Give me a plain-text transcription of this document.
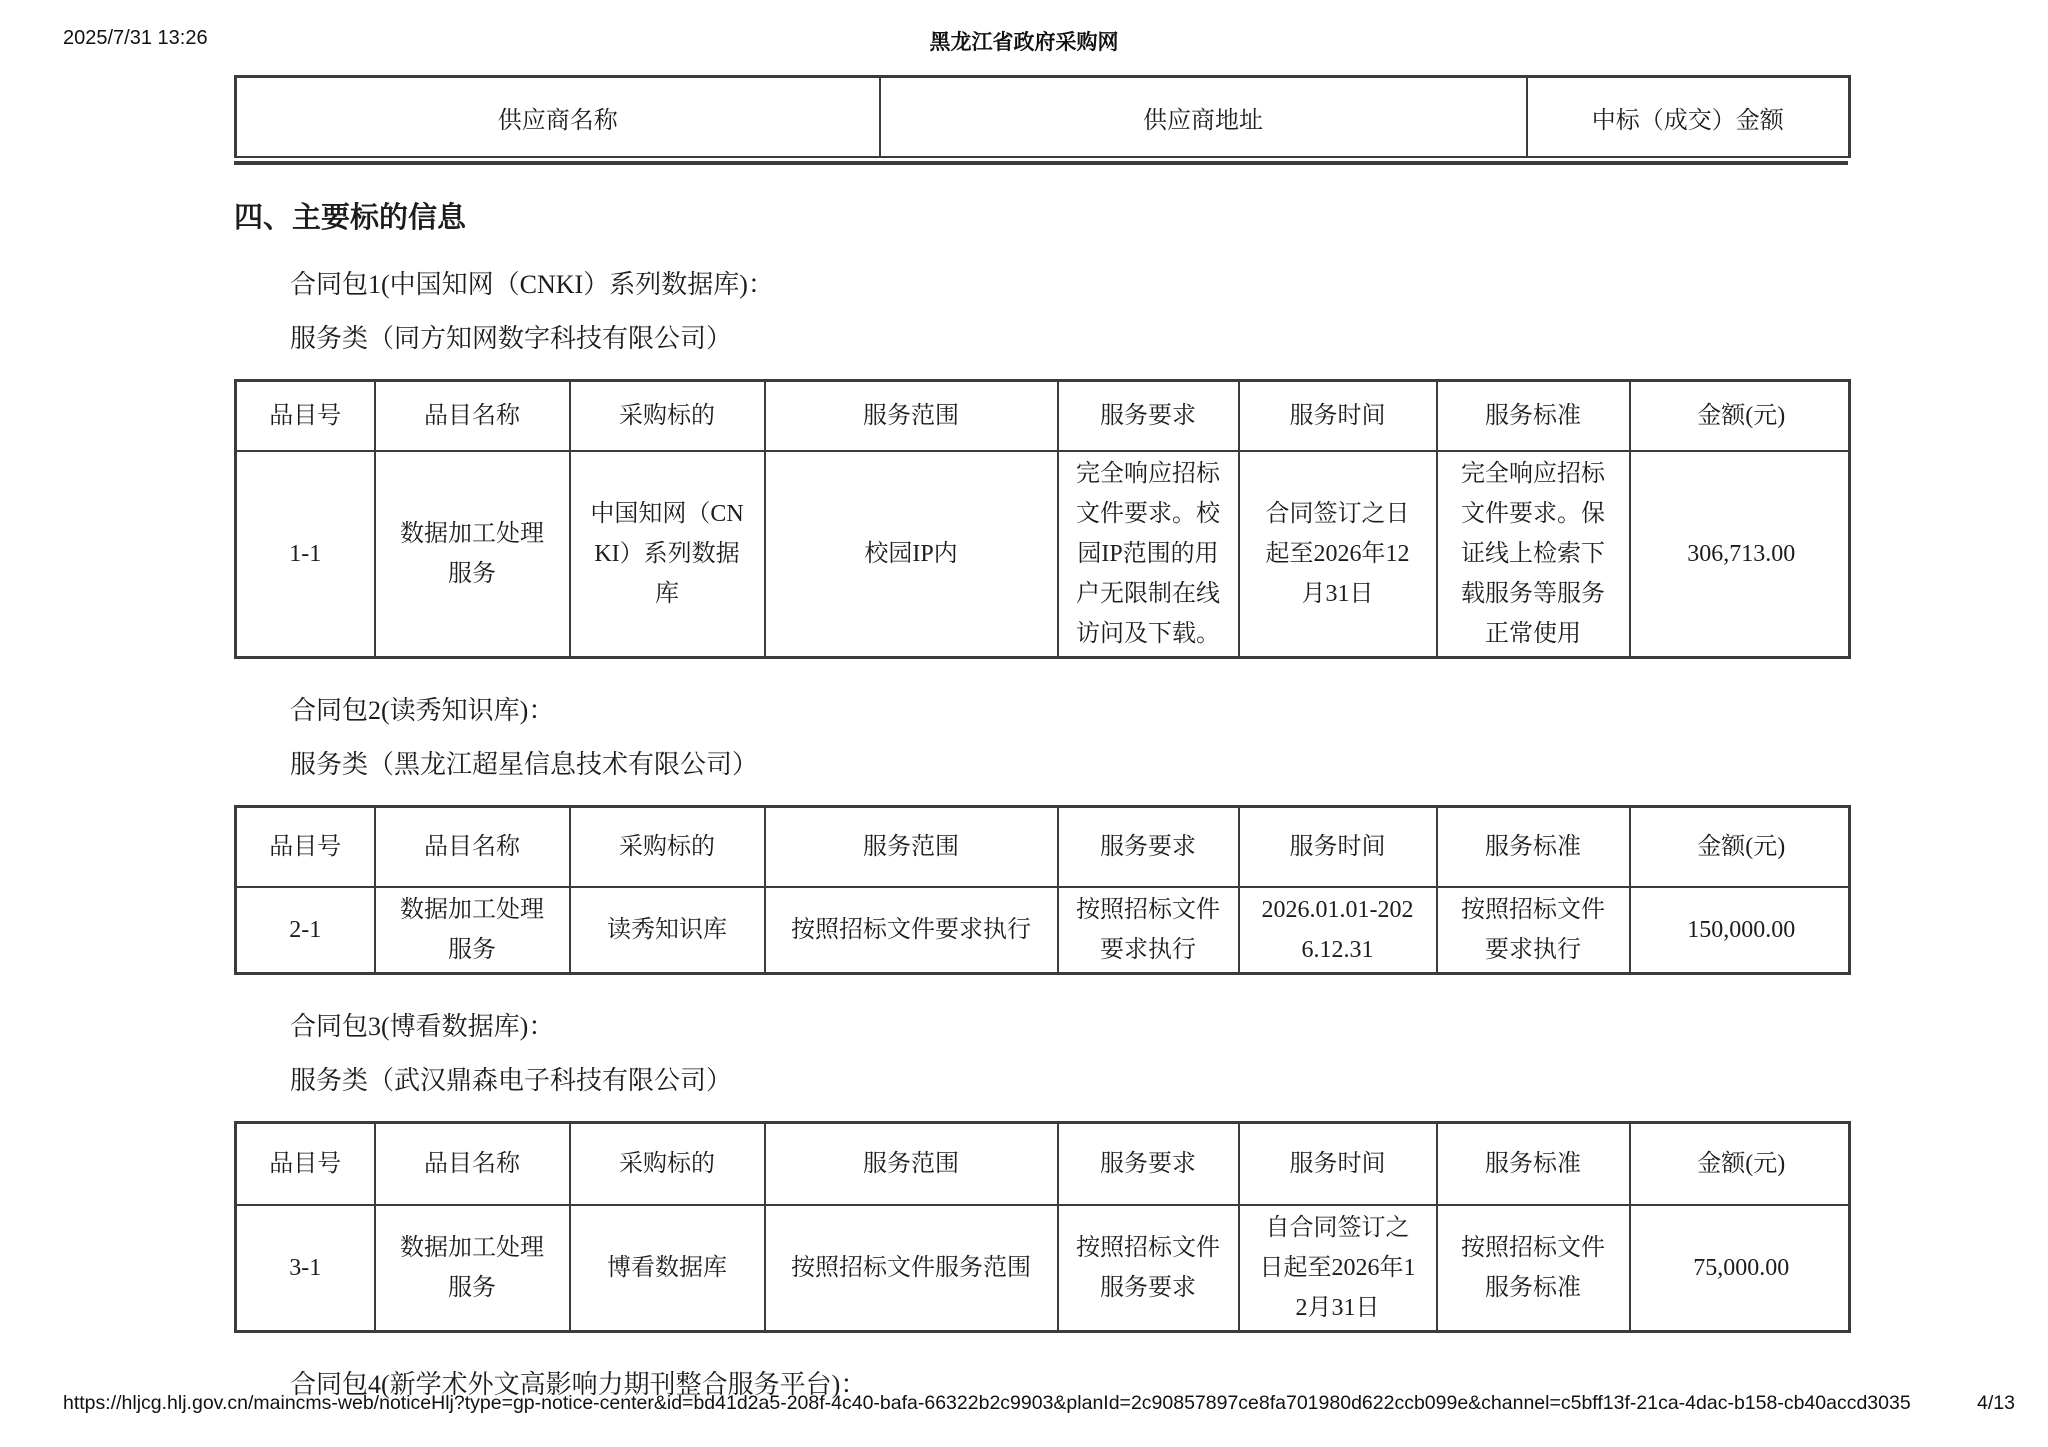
2025/7/31 13:26	黑龙江省政府采购网
供应商名称	供应商地址	中标（成交）金额
四、主要标的信息
合同包1(中国知网（CNKI）系列数据库)：
服务类（同方知网数字科技有限公司）
品目号	品目名称	采购标的	服务范围	服务要求	服务时间	服务标准	金额(元)
1-1	数据加工处理服务	中国知网（CNKI）系列数据库	校园IP内	完全响应招标文件要求。校园IP范围的用户无限制在线访问及下载。	合同签订之日起至2026年12月31日	完全响应招标文件要求。保证线上检索下载服务等服务正常使用	306,713.00
合同包2(读秀知识库)：
服务类（黑龙江超星信息技术有限公司）
品目号	品目名称	采购标的	服务范围	服务要求	服务时间	服务标准	金额(元)
2-1	数据加工处理服务	读秀知识库	按照招标文件要求执行	按照招标文件要求执行	2026.01.01-2026.12.31	按照招标文件要求执行	150,000.00
合同包3(博看数据库)：
服务类（武汉鼎森电子科技有限公司）
品目号	品目名称	采购标的	服务范围	服务要求	服务时间	服务标准	金额(元)
3-1	数据加工处理服务	博看数据库	按照招标文件服务范围	按照招标文件服务要求	自合同签订之日起至2026年12月31日	按照招标文件服务标准	75,000.00
合同包4(新学术外文高影响力期刊整合服务平台)：
https://hljcg.hlj.gov.cn/maincms-web/noticeHlj?type=gp-notice-center&id=bd41d2a5-208f-4c40-bafa-66322b2c9903&planId=2c90857897ce8fa701980d622ccb099e&channel=c5bff13f-21ca-4dac-b158-cb40accd3035	4/13
